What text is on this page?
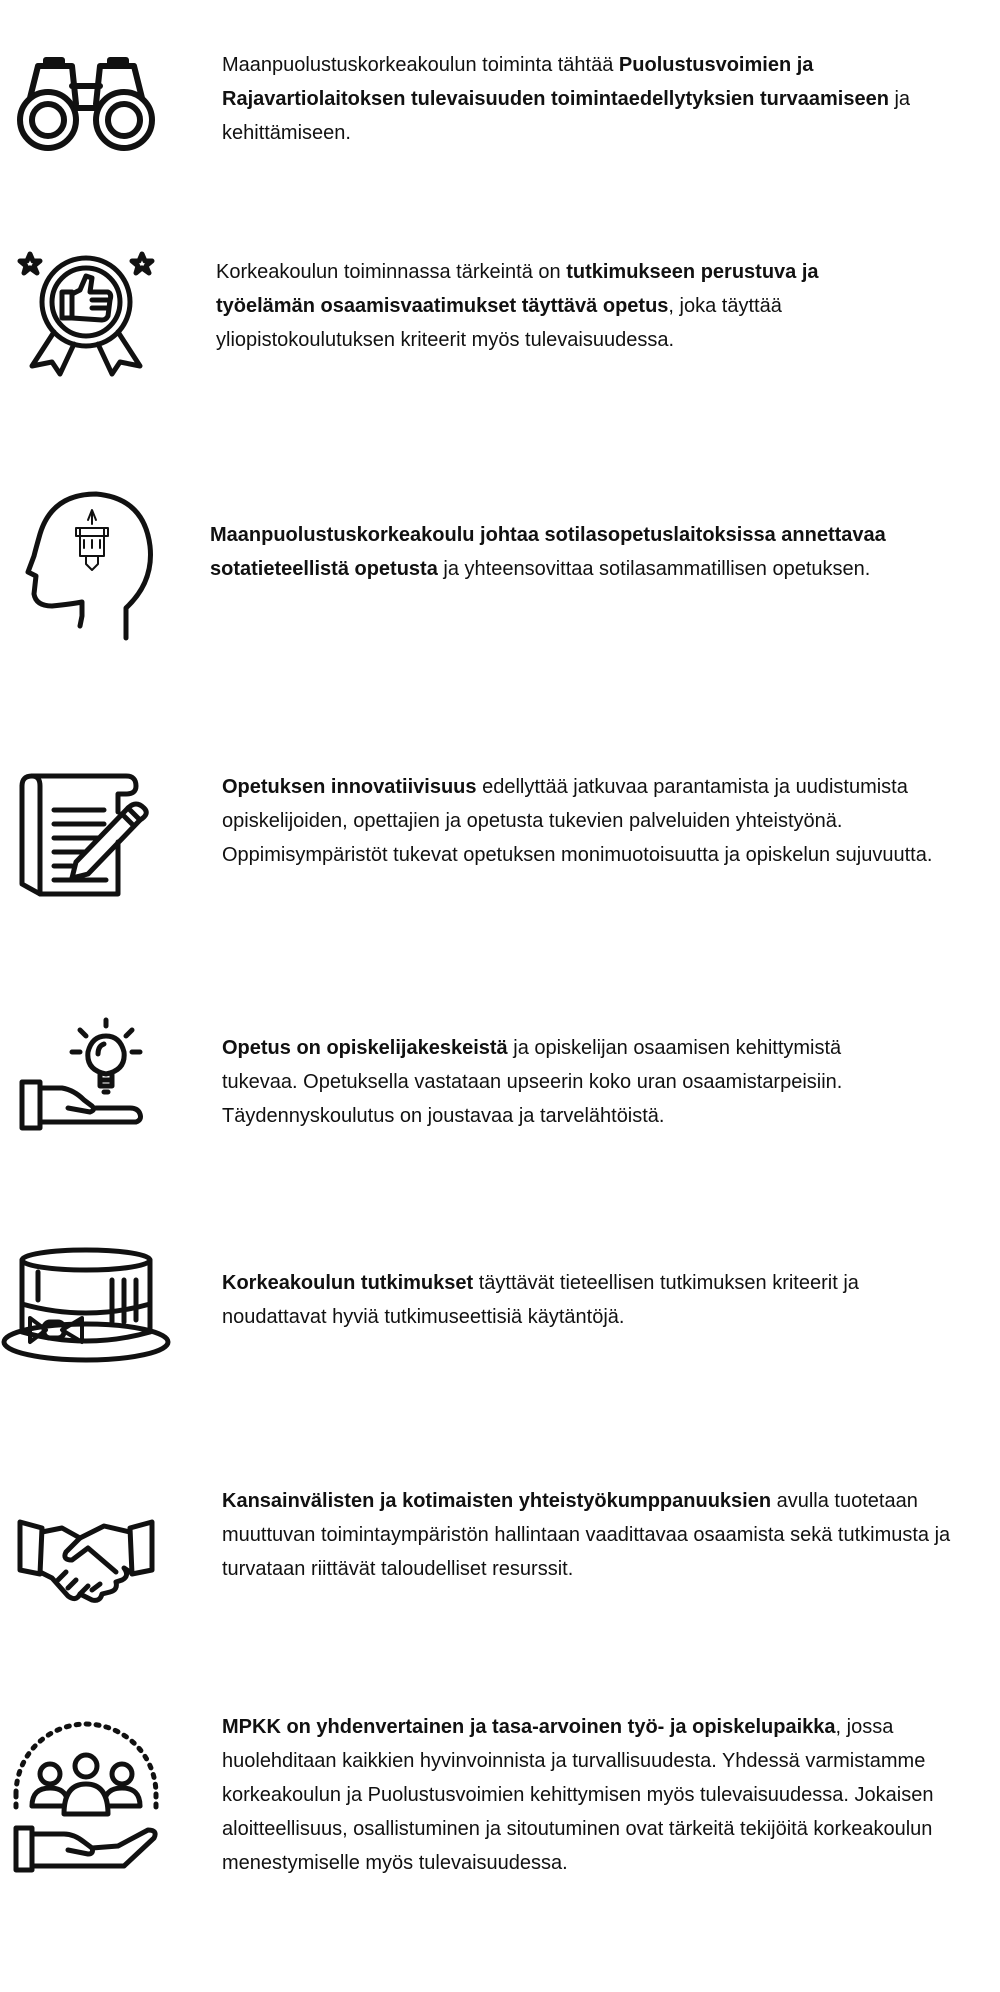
Maanpuolustuskorkeakoulun toiminta tähtää Puolustusvoimien ja Rajavartiolaitoksen tulevaisuuden toimintaedellytyksien turvaamiseen ja kehittämiseen.
Korkeakoulun toiminnassa tärkeintä on tutkimukseen perustuva ja työelämän osaamisvaatimukset täyttävä opetus, joka täyttää yliopistokoulutuksen kriteerit myös tulevaisuudessa.
Maanpuolustuskorkeakoulu johtaa sotilasopetuslaitoksissa annettavaa sotatieteellistä opetusta ja yhteensovittaa sotilasammatillisen opetuksen.
Opetuksen innovatiivisuus edellyttää jatkuvaa parantamista ja uudistumista opiskelijoiden, opettajien ja opetusta tukevien palveluiden yhteistyönä. Oppimisympäristöt tukevat opetuksen monimuotoisuutta ja opiskelun sujuvuutta.
Opetus on opiskelijakeskeistä ja opiskelijan osaamisen kehittymistä tukevaa. Opetuksella vastataan upseerin koko uran osaamistarpeisiin. Täydennyskoulutus on joustavaa ja tarvelähtöistä.
Korkeakoulun tutkimukset täyttävät tieteellisen tutkimuksen kriteerit ja noudattavat hyviä tutkimuseettisiä käytäntöjä.
Kansainvälisten ja kotimaisten yhteistyökumppanuuksien avulla tuotetaan muuttuvan toimintaympäristön hallintaan vaadittavaa osaamista sekä tutkimusta ja turvataan riittävät taloudelliset resurssit.
MPKK on yhdenvertainen ja tasa-arvoinen työ- ja opiskelupaikka, jossa huolehditaan kaikkien hyvinvoinnista ja turvallisuudesta. Yhdessä varmistamme korkeakoulun ja Puolustusvoimien kehittymisen myös tulevaisuudessa. Jokaisen aloitteellisuus, osallistuminen ja sitoutuminen ovat tärkeitä tekijöitä korkeakoulun menestymiselle myös tulevaisuudessa.
